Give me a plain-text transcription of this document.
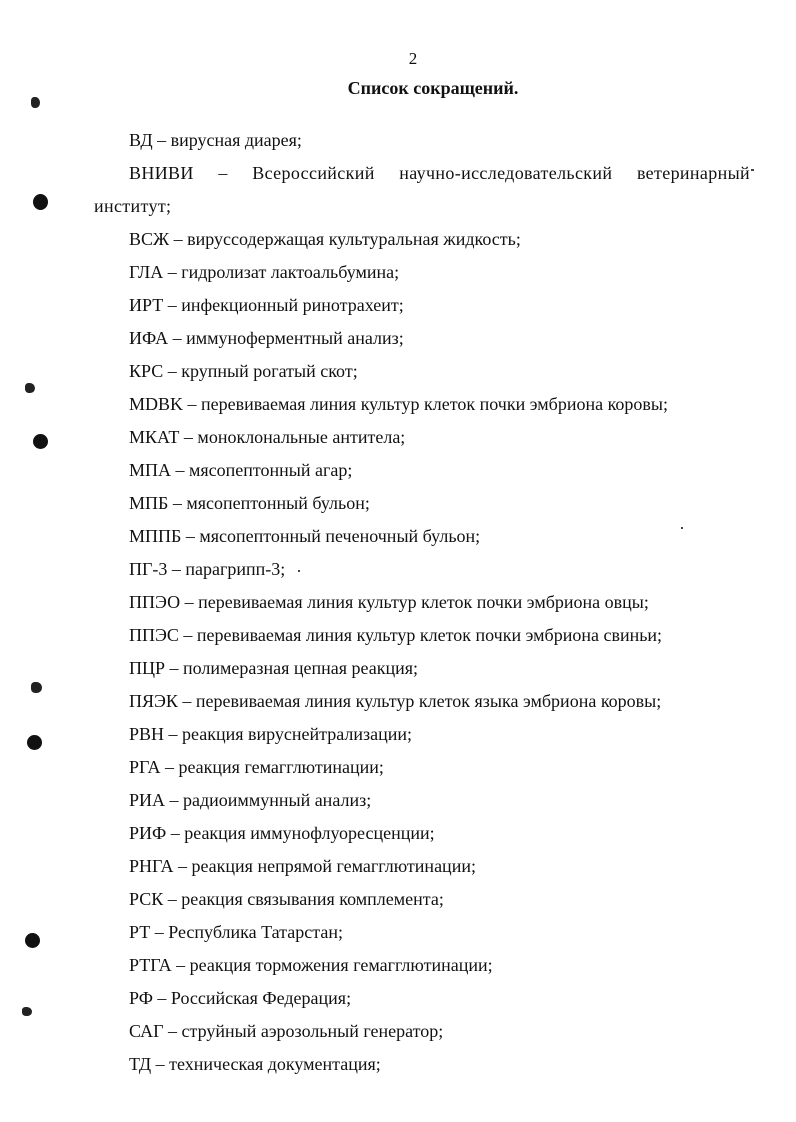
2
Список сокращений.
ВД – вирусная диарея;
ВНИВИ – Всероссийский научно-исследовательский ветеринарный институт;
ВСЖ – вируссодержащая культуральная жидкость;
ГЛА – гидролизат лактоальбумина;
ИРТ – инфекционный ринотрахеит;
ИФА – иммуноферментный анализ;
КРС – крупный рогатый скот;
MDBK – перевиваемая линия культур клеток почки эмбриона коровы;
МКАТ – моноклональные антитела;
МПА – мясопептонный агар;
МПБ – мясопептонный бульон;
МППБ – мясопептонный печеночный бульон;
ПГ-3 – парагрипп-3;
ППЭО – перевиваемая линия культур клеток почки эмбриона овцы;
ППЭС – перевиваемая линия культур клеток почки эмбриона свиньи;
ПЦР – полимеразная цепная реакция;
ПЯЭК – перевиваемая линия культур клеток языка эмбриона коровы;
РВН – реакция вируснейтрализации;
РГА – реакция гемагглютинации;
РИА – радиоиммунный анализ;
РИФ – реакция иммунофлуоресценции;
РНГА – реакция непрямой гемагглютинации;
РСК – реакция связывания комплемента;
РТ – Республика Татарстан;
РТГА – реакция торможения гемагглютинации;
РФ – Российская Федерация;
САГ – струйный аэрозольный генератор;
ТД – техническая документация;
